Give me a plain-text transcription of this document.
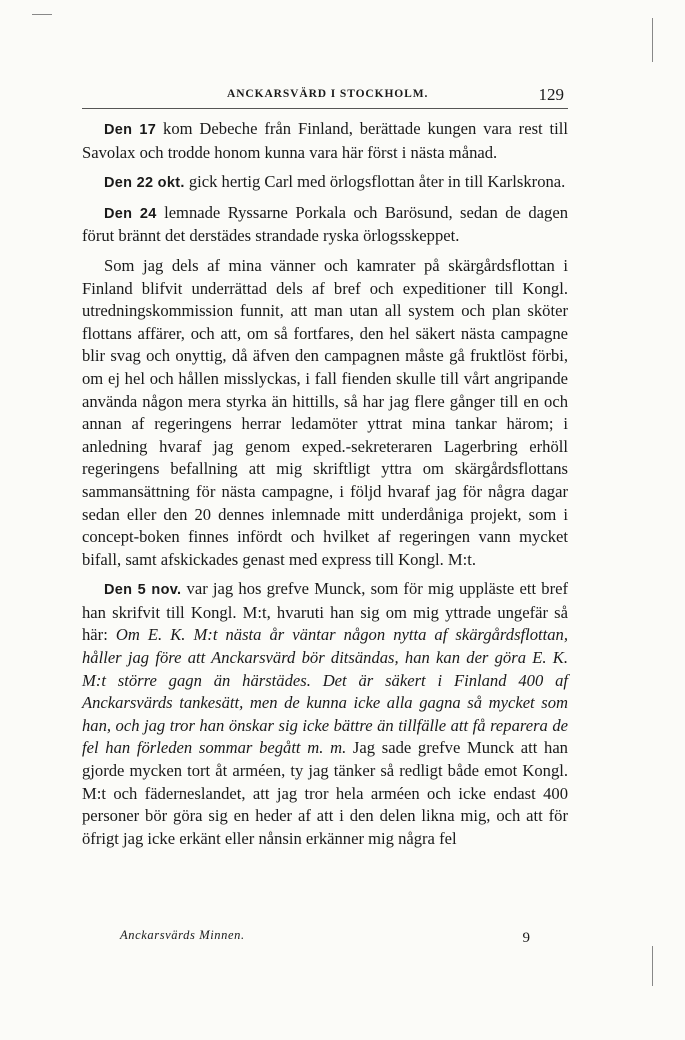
ANCKARSVÄRD I STOCKHOLM.	129

Den 17 kom Debeche från Finland, berättade kungen vara rest till Savolax och trodde honom kunna vara här först i nästa månad.

Den 22 okt. gick hertig Carl med örlogsflottan åter in till Karlskrona.

Den 24 lemnade Ryssarne Porkala och Barösund, sedan de dagen förut brännt det derstädes strandade ryska örlogsskeppet.

Som jag dels af mina vänner och kamrater på skärgårdsflottan i Finland blifvit underrättad dels af bref och expeditioner till Kongl. utredningskommission funnit, att man utan all system och plan sköter flottans affärer, och att, om så fortfares, den hel säkert nästa campagne blir svag och onyttig, då äfven den campagnen måste gå fruktlöst förbi, om ej hel och hållen misslyckas, i fall fienden skulle till vårt angripande använda någon mera styrka än hittills, så har jag flere gånger till en och annan af regeringens herrar ledamöter yttrat mina tankar härom; i anledning hvaraf jag genom exped.-sekreteraren Lagerbring erhöll regeringens befallning att mig skriftligt yttra om skärgårdsflottans sammansättning för nästa campagne, i följd hvaraf jag för några dagar sedan eller den 20 dennes inlemnade mitt underdåniga projekt, som i concept-boken finnes infördt och hvilket af regeringen vann mycket bifall, samt afskickades genast med express till Kongl. M:t.

Den 5 nov. var jag hos grefve Munck, som för mig uppläste ett bref han skrifvit till Kongl. M:t, hvaruti han sig om mig yttrade ungefär så här: Om E. K. M:t nästa år väntar någon nytta af skärgårdsflottan, håller jag före att Anckarsvärd bör ditsändas, han kan der göra E. K. M:t större gagn än härstädes. Det är säkert i Finland 400 af Anckarsvärds tankesätt, men de kunna icke alla gagna så mycket som han, och jag tror han önskar sig icke bättre än tillfälle att få reparera de fel han förleden sommar begått m. m. Jag sade grefve Munck att han gjorde mycken tort åt arméen, ty jag tänker så redligt både emot Kongl. M:t och fäderneslandet, att jag tror hela arméen och icke endast 400 personer bör göra sig en heder af att i den delen likna mig, och att för öfrigt jag icke erkänt eller nånsin erkänner mig några fel

Anckarsvärds Minnen.	9
